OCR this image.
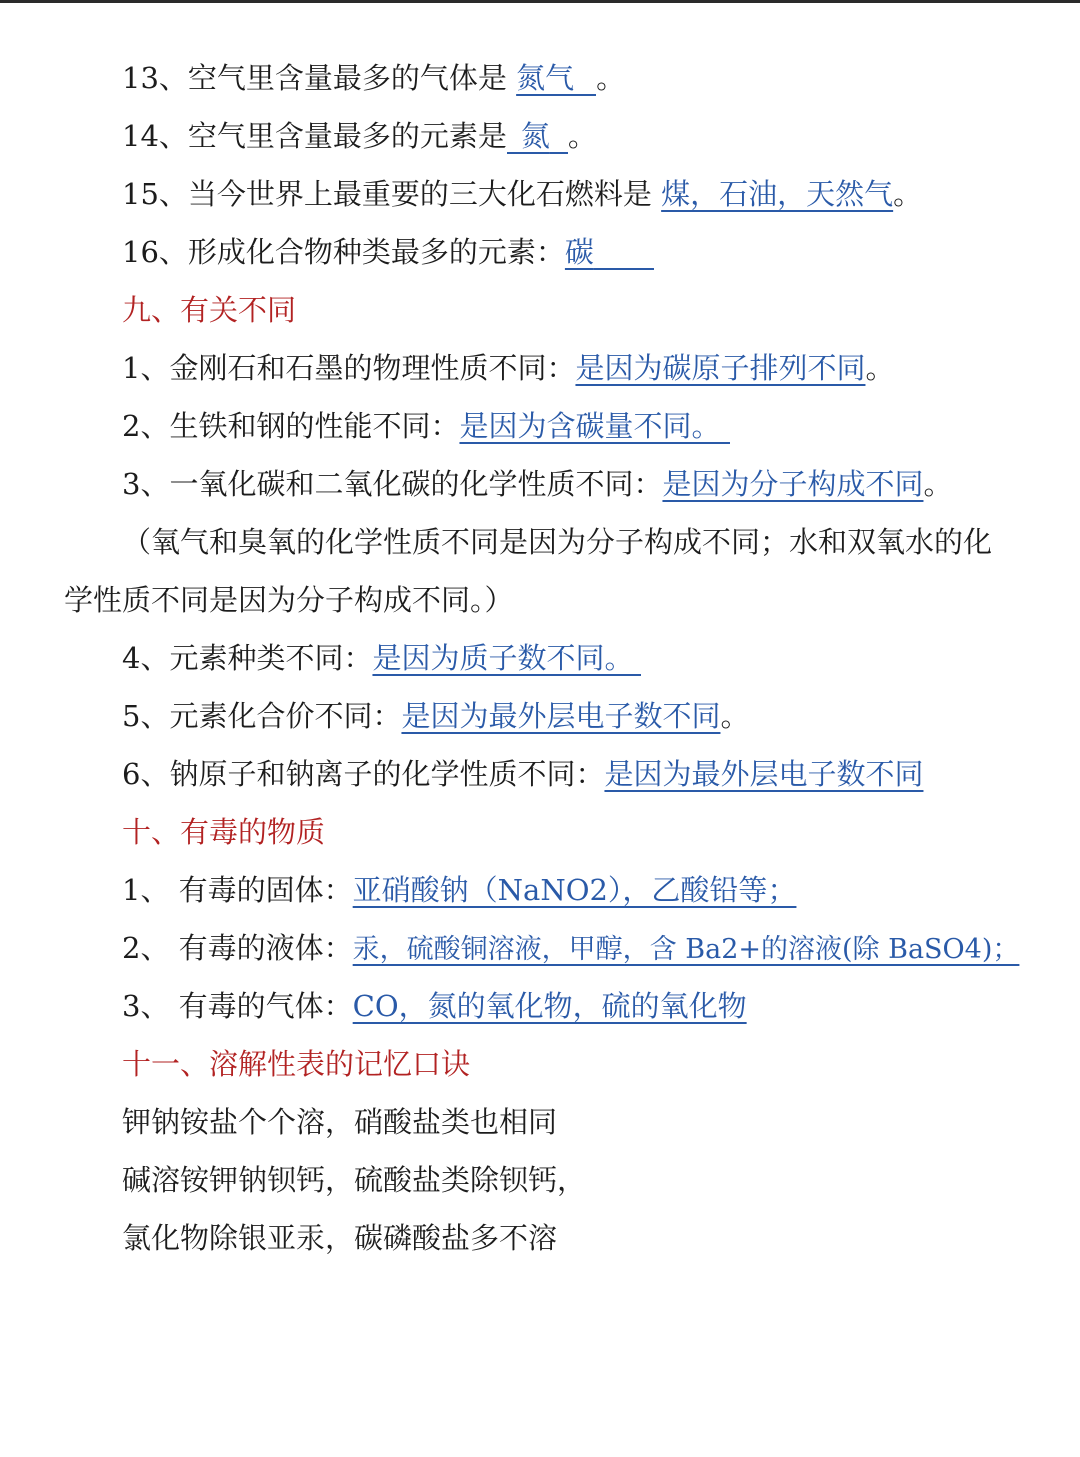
13、空气里含量最多的气体是 氮气 。
14、空气里含量最多的元素是 氮 。
15、当今世界上最重要的三大化石燃料是 煤，石油，天然气。
16、形成化合物种类最多的元素：碳
九、有关不同
1、金刚石和石墨的物理性质不同：是因为碳原子排列不同。
2、生铁和钢的性能不同：是因为含碳量不同。
3、一氧化碳和二氧化碳的化学性质不同：是因为分子构成不同。
（氧气和臭氧的化学性质不同是因为分子构成不同；水和双氧水的化
学性质不同是因为分子构成不同。）
4、元素种类不同：是因为质子数不同。
5、元素化合价不同：是因为最外层电子数不同。
6、钠原子和钠离子的化学性质不同：是因为最外层电子数不同
十、有毒的物质
1、 有毒的固体：亚硝酸钠（NaNO2），乙酸铅等；
2、 有毒的液体：汞，硫酸铜溶液，甲醇，含 Ba2+的溶液(除 BaSO4)；
3、 有毒的气体：CO，氮的氧化物，硫的氧化物
十一、溶解性表的记忆口诀
钾钠铵盐个个溶，硝酸盐类也相同
碱溶铵钾钠钡钙，硫酸盐类除钡钙，
氯化物除银亚汞，碳磷酸盐多不溶
